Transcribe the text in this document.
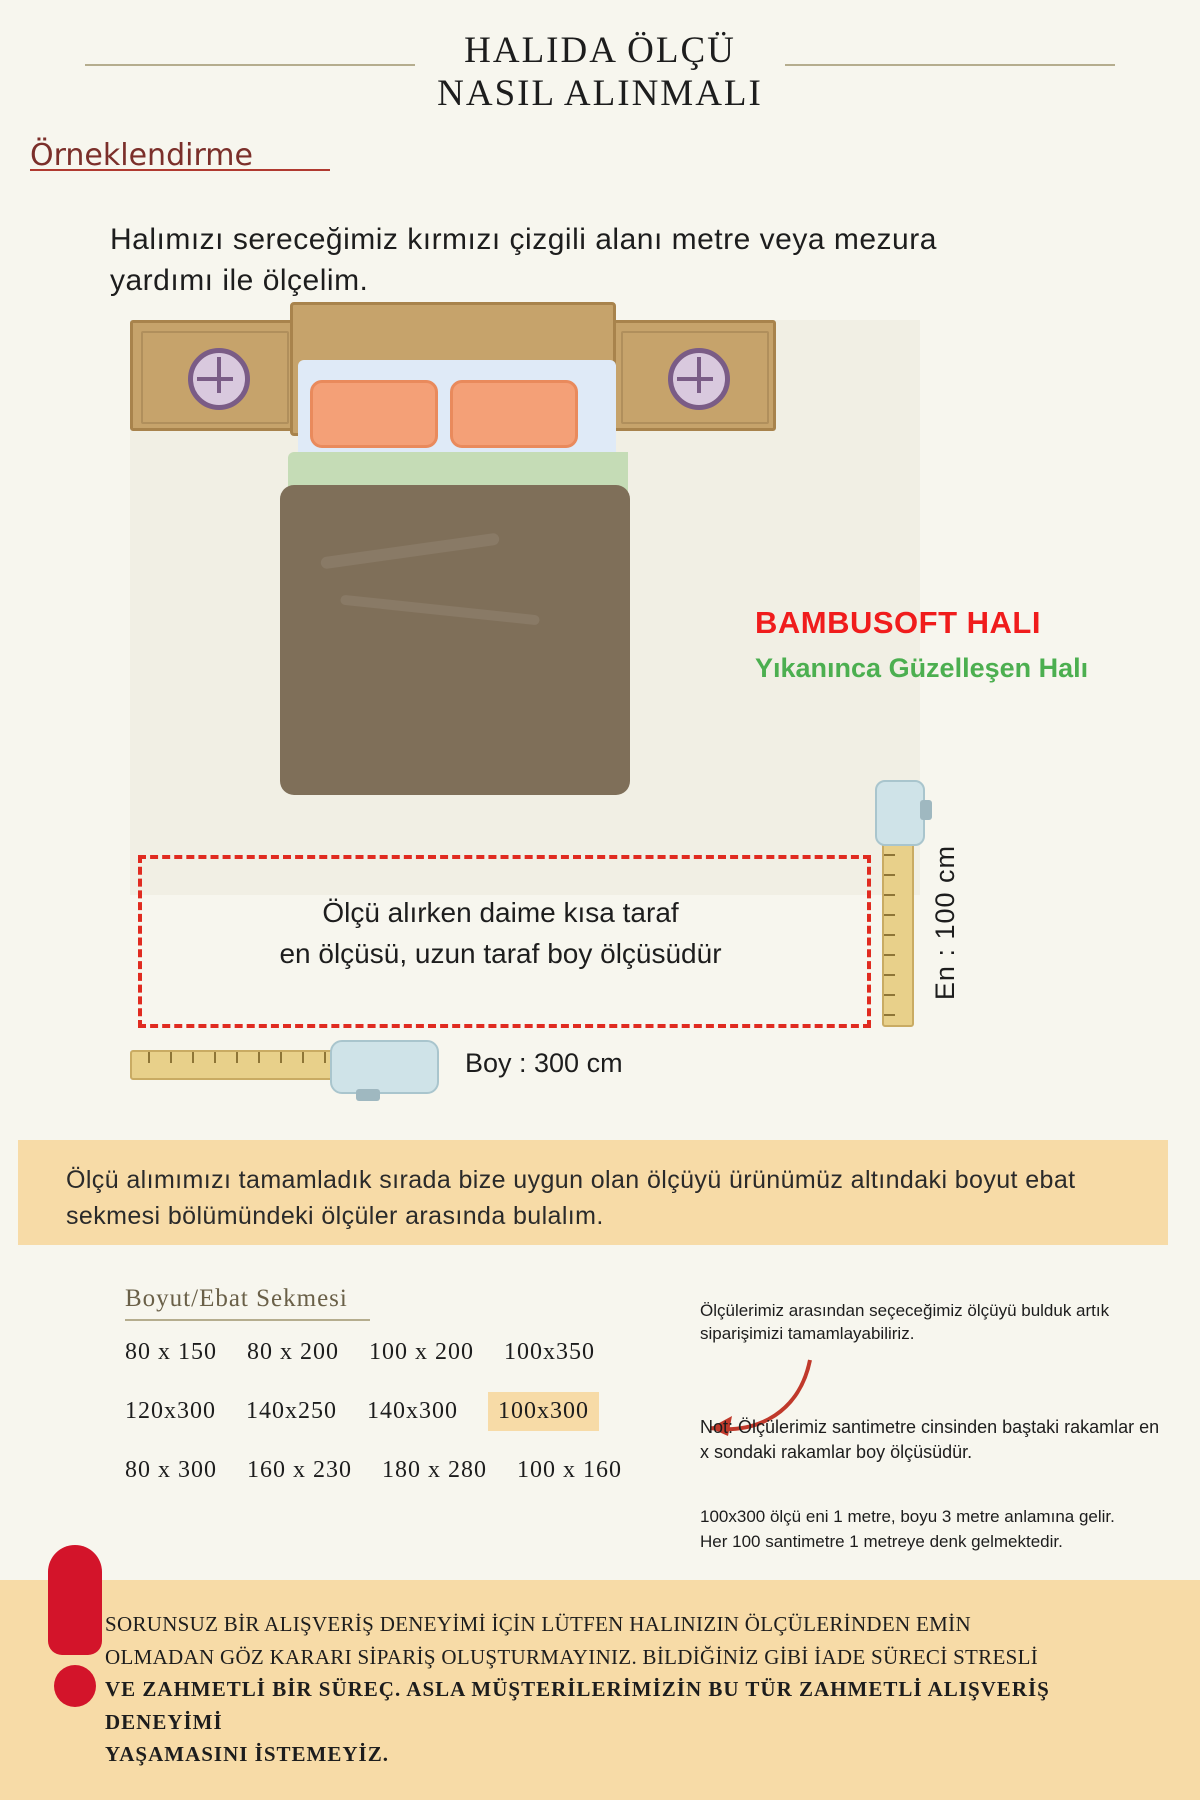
HALIDA ÖLÇÜ
NASIL ALINMALI
Örneklendirme
Halımızı sereceğimiz kırmızı çizgili alanı metre veya mezura yardımı ile ölçelim.
BAMBUSOFT HALI
Yıkanınca Güzelleşen Halı
Ölçü alırken daime kısa taraf
en ölçüsü, uzun taraf boy ölçüsüdür	En : 100 cm
Boy : 300 cm

Ölçü alımımızı tamamladık sırada bize uygun olan ölçüyü ürünümüz altındaki boyut ebat sekmesi bölümündeki ölçüler arasında bulalım.

Boyut/Ebat Sekmesi
80 x 150 80 x 200 100 x 200 100x350
120x300 140x250 140x300	100x300
80 x 300 160 x 230 180 x 280 100 x 160
Ölçülerimiz arasından seçeceğimiz ölçüyü bulduk artık siparişimizi tamamlayabiliriz.
Not: Ölçülerimiz santimetre cinsinden baştaki rakamlar en x sondaki rakamlar boy ölçüsüdür.
100x300 ölçü eni 1 metre, boyu 3 metre anlamına gelir.
Her 100 santimetre 1 metreye denk gelmektedir.

SORUNSUZ BİR ALIŞVERİŞ DENEYİMİ İÇİN LÜTFEN HALINIZIN ÖLÇÜLERİNDEN EMİN
OLMADAN GÖZ KARARI SİPARİŞ OLUŞTURMAYINIZ. BİLDİĞİNİZ GİBİ İADE SÜRECİ STRESLİ
VE ZAHMETLİ BİR SÜREÇ. ASLA MÜŞTERİLERİMİZİN BU TÜR ZAHMETLİ ALIŞVERİŞ DENEYİMİ
YAŞAMASINI İSTEMEYİZ.
